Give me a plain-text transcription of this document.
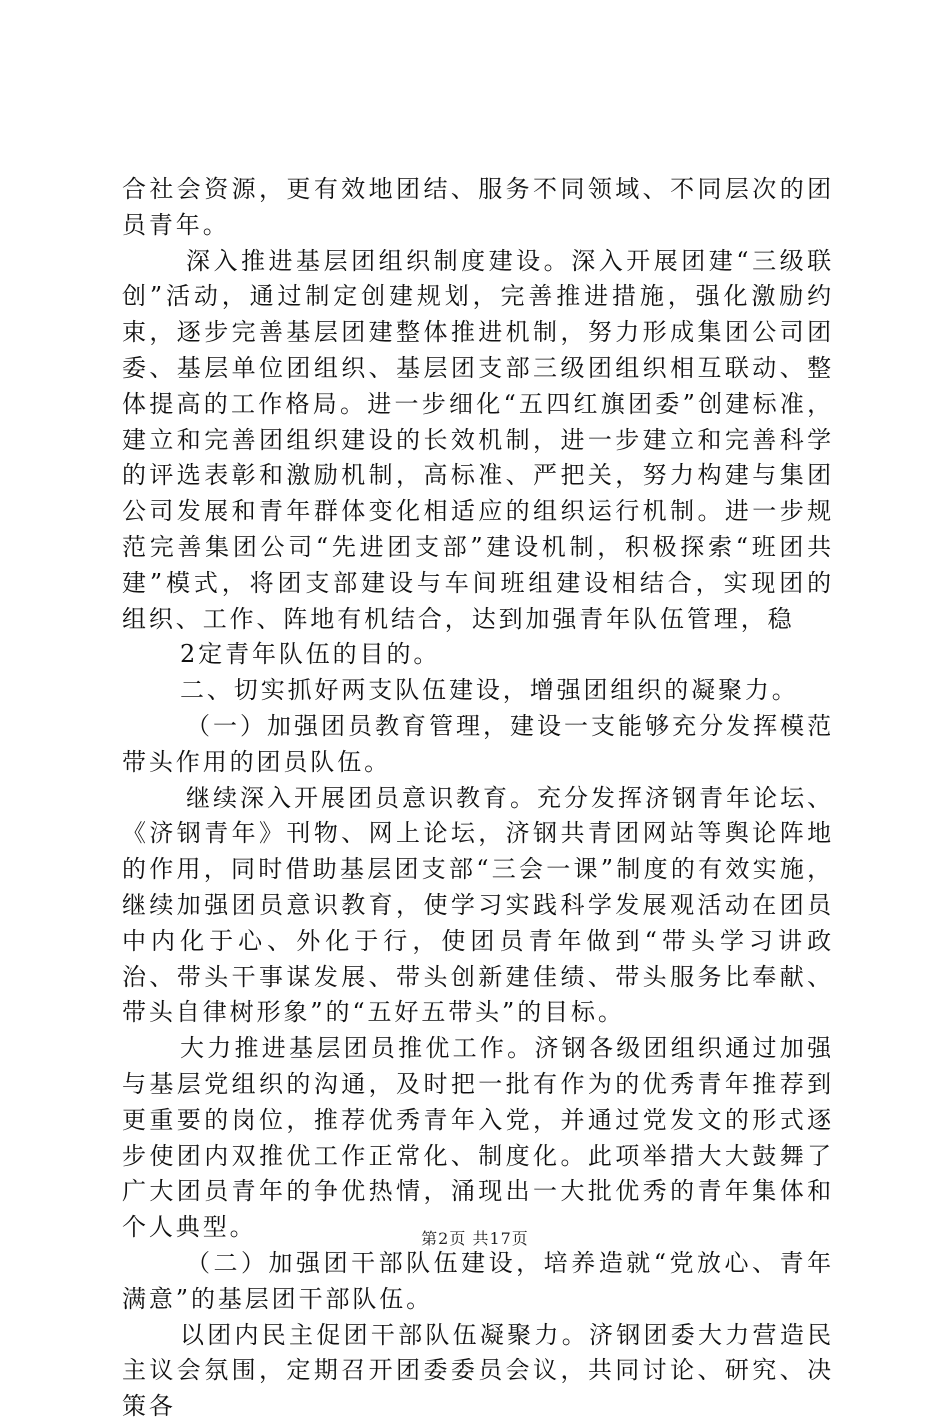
合社会资源，更有效地团结、服务不同领域、不同层次的团员青年。

深入推进基层团组织制度建设。深入开展团建“三级联创”活动，通过制定创建规划，完善推进措施，强化激励约束，逐步完善基层团建整体推进机制，努力形成集团公司团委、基层单位团组织、基层团支部三级团组织相互联动、整体提高的工作格局。进一步细化“五四红旗团委”创建标准，建立和完善团组织建设的长效机制，进一步建立和完善科学的评选表彰和激励机制，高标准、严把关，努力构建与集团公司发展和青年群体变化相适应的组织运行机制。进一步规范完善集团公司“先进团支部”建设机制，积极探索“班团共建”模式，将团支部建设与车间班组建设相结合，实现团的组织、工作、阵地有机结合，达到加强青年队伍管理，稳

2定青年队伍的目的。

二、切实抓好两支队伍建设，增强团组织的凝聚力。

（一）加强团员教育管理，建设一支能够充分发挥模范带头作用的团员队伍。

继续深入开展团员意识教育。充分发挥济钢青年论坛、《济钢青年》刊物、网上论坛，济钢共青团网站等舆论阵地的作用，同时借助基层团支部“三会一课”制度的有效实施，继续加强团员意识教育，使学习实践科学发展观活动在团员中内化于心、外化于行，使团员青年做到“带头学习讲政治、带头干事谋发展、带头创新建佳绩、带头服务比奉献、带头自律树形象”的“五好五带头”的目标。

大力推进基层团员推优工作。济钢各级团组织通过加强与基层党组织的沟通，及时把一批有作为的优秀青年推荐到更重要的岗位，推荐优秀青年入党，并通过党发文的形式逐步使团内双推优工作正常化、制度化。此项举措大大鼓舞了广大团员青年的争优热情，涌现出一大批优秀的青年集体和个人典型。

（二）加强团干部队伍建设，培养造就“党放心、青年满意”的基层团干部队伍。

以团内民主促团干部队伍凝聚力。济钢团委大力营造民主议会氛围，定期召开团委委员会议，共同讨论、研究、决策各

第2页 共17页
